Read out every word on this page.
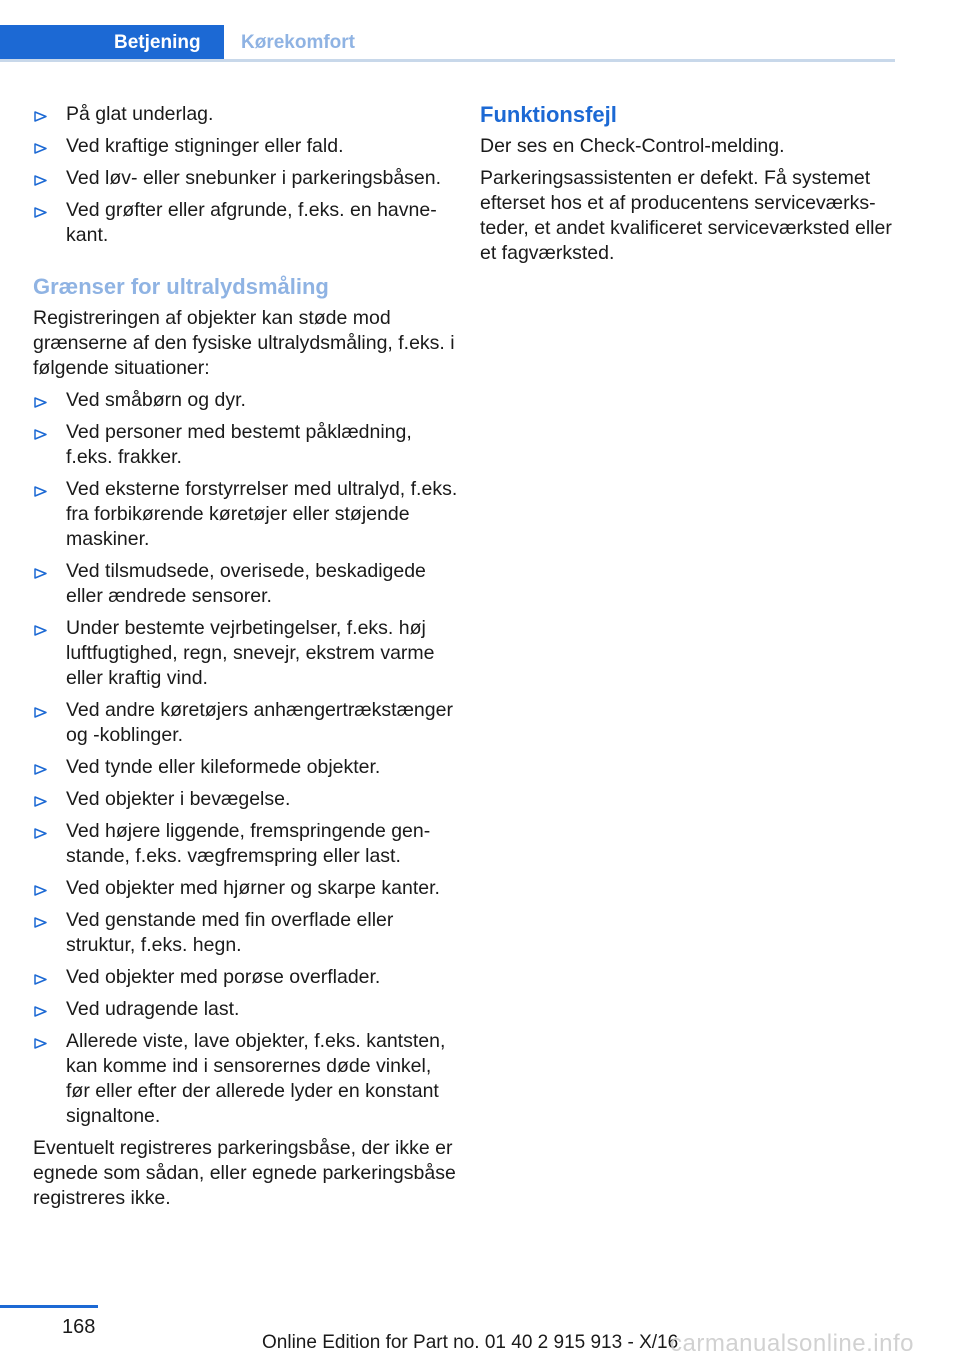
Betjening	Kørekomfort
På glat underlag.
Ved kraftige stigninger eller fald.
Ved løv- eller snebunker i parkeringsbåsen.
Ved grøfter eller afgrunde, f.eks. en havnekant.
Grænser for ultralydsmåling

Registreringen af objekter kan støde mod grænserne af den fysiske ultralydsmåling, f.eks. i følgende situationer:

Ved småbørn og dyr.
Ved personer med bestemt påklædning, f.eks. frakker.
Ved eksterne forstyrrelser med ultralyd, f.eks. fra forbikørende køretøjer eller støjende maskiner.
Ved tilsmudsede, overisede, beskadigede eller ændrede sensorer.
Under bestemte vejrbetingelser, f.eks. høj luftfugtighed, regn, snevejr, ekstrem varme eller kraftig vind.
Ved andre køretøjers anhængertrækstænger og -koblinger.
Ved tynde eller kileformede objekter.
Ved objekter i bevægelse.
Ved højere liggende, fremspringende genstande, f.eks. vægfremspring eller last.
Ved objekter med hjørner og skarpe kanter.
Ved genstande med fin overflade eller struktur, f.eks. hegn.
Ved objekter med porøse overflader.
Ved udragende last.
Allerede viste, lave objekter, f.eks. kantsten, kan komme ind i sensorernes døde vinkel, før eller efter der allerede lyder en konstant signaltone.

Eventuelt registreres parkeringsbåse, der ikke er egnede som sådan, eller egnede parkeringsbåse registreres ikke.

Funktionsfejl

Der ses en Check-Control-melding.

Parkeringsassistenten er defekt. Få systemet efterset hos et af producentens serviceværksteder, et andet kvalificeret serviceværksted eller et fagværksted.

168
Online Edition for Part no. 01 40 2 915 913 - X/16
carmanualsonline.info
